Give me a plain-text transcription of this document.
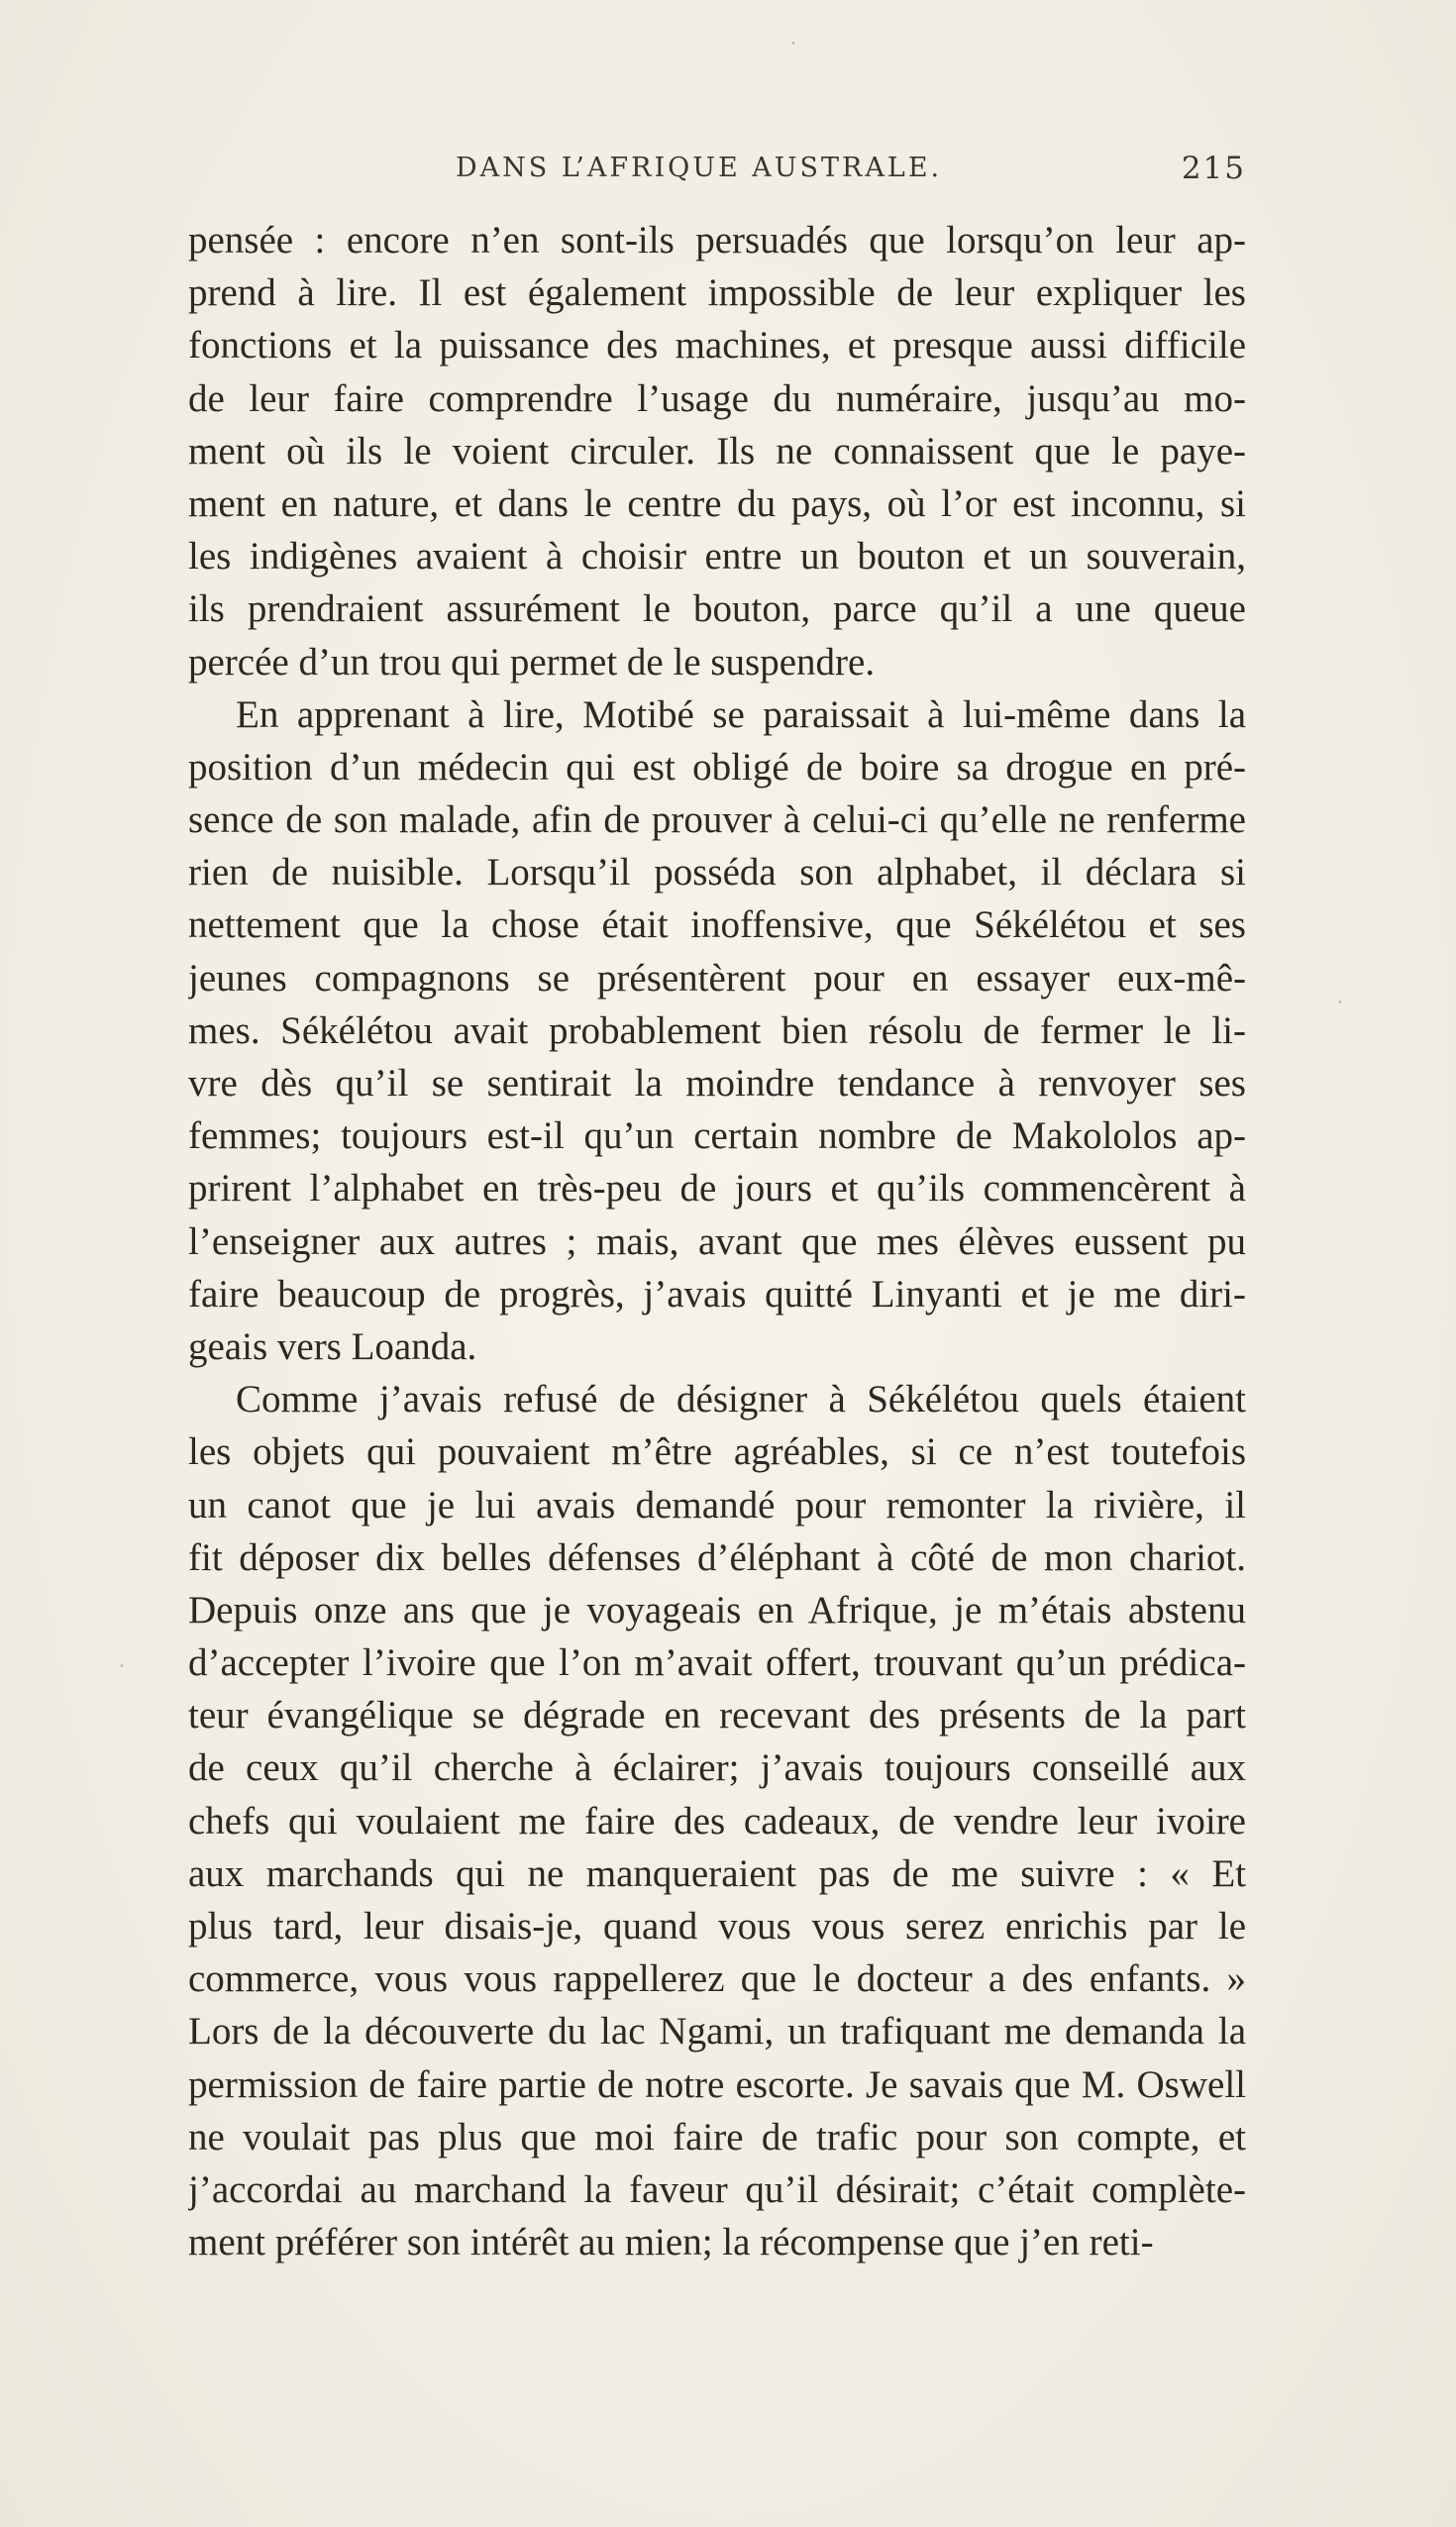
DANS L’AFRIQUE AUSTRALE.	215
pensée : encore n’en sont-ils persuadés que lorsqu’on leur ap-
prend à lire. Il est également impossible de leur expliquer les
fonctions et la puissance des machines, et presque aussi difficile
de leur faire comprendre l’usage du numéraire, jusqu’au mo-
ment où ils le voient circuler. Ils ne connaissent que le paye-
ment en nature, et dans le centre du pays, où l’or est inconnu, si
les indigènes avaient à choisir entre un bouton et un souverain,
ils prendraient assurément le bouton, parce qu’il a une queue
percée d’un trou qui permet de le suspendre.
En apprenant à lire, Motibé se paraissait à lui-même dans la
position d’un médecin qui est obligé de boire sa drogue en pré-
sence de son malade, afin de prouver à celui-ci qu’elle ne renferme
rien de nuisible. Lorsqu’il posséda son alphabet, il déclara si
nettement que la chose était inoffensive, que Sékélétou et ses
jeunes compagnons se présentèrent pour en essayer eux-mê-
mes. Sékélétou avait probablement bien résolu de fermer le li-
vre dès qu’il se sentirait la moindre tendance à renvoyer ses
femmes; toujours est-il qu’un certain nombre de Makololos ap-
prirent l’alphabet en très-peu de jours et qu’ils commencèrent à
l’enseigner aux autres ; mais, avant que mes élèves eussent pu
faire beaucoup de progrès, j’avais quitté Linyanti et je me diri-
geais vers Loanda.
Comme j’avais refusé de désigner à Sékélétou quels étaient
les objets qui pouvaient m’être agréables, si ce n’est toutefois
un canot que je lui avais demandé pour remonter la rivière, il
fit déposer dix belles défenses d’éléphant à côté de mon chariot.
Depuis onze ans que je voyageais en Afrique, je m’étais abstenu
d’accepter l’ivoire que l’on m’avait offert, trouvant qu’un prédica-
teur évangélique se dégrade en recevant des présents de la part
de ceux qu’il cherche à éclairer; j’avais toujours conseillé aux
chefs qui voulaient me faire des cadeaux, de vendre leur ivoire
aux marchands qui ne manqueraient pas de me suivre : « Et
plus tard, leur disais-je, quand vous vous serez enrichis par le
commerce, vous vous rappellerez que le docteur a des enfants. »
Lors de la découverte du lac Ngami, un trafiquant me demanda la
permission de faire partie de notre escorte. Je savais que M. Oswell
ne voulait pas plus que moi faire de trafic pour son compte, et
j’accordai au marchand la faveur qu’il désirait; c’était complète-
ment préférer son intérêt au mien; la récompense que j’en reti-
